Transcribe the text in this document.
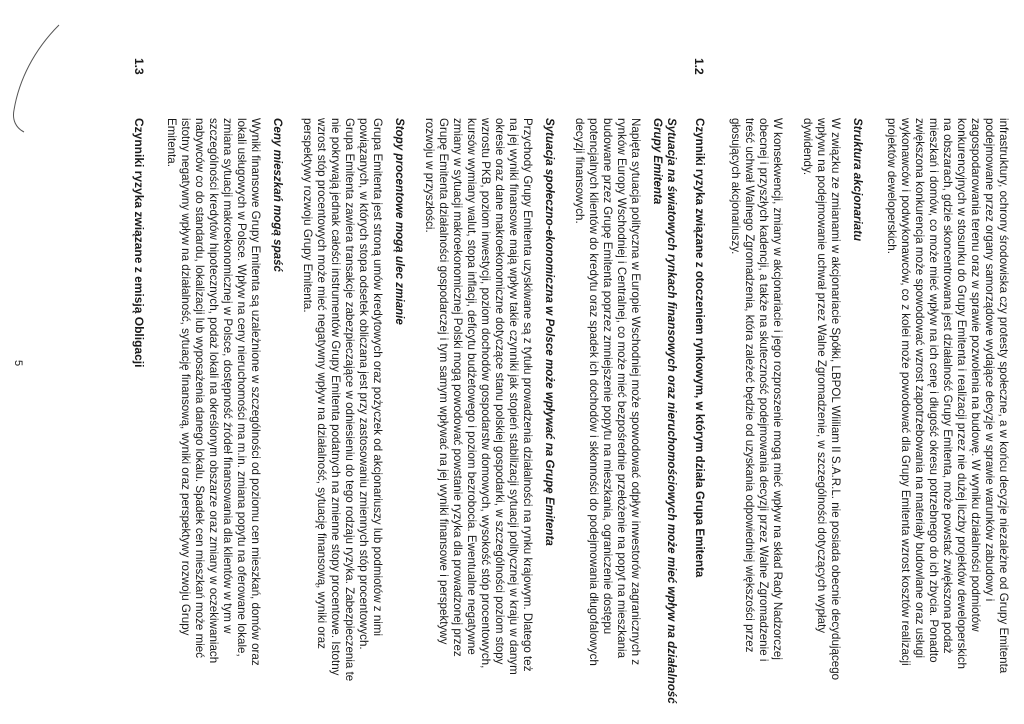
infrastruktury, ochrony środowiska czy protesty społeczne, a w końcu decyzje niezależne od Grupy Emitenta
podejmowane przez organy samorządowe wydające decyzje w sprawie warunków zabudowy i
zagospodarowania terenu oraz w sprawie pozwolenia na budowę. W wyniku działalności podmiotów
konkurencyjnych w stosunku do Grupy Emitenta i realizacji przez nie dużej liczby projektów deweloperskich
na obszarach, gdzie skoncentrowana jest działalność Grupy Emitenta, może powstać zwiększona podaż
mieszkań i domów, co może mieć wpływ na ich cenę i długość okresu potrzebnego do ich zbycia. Ponadto
zwiększona konkurencja może spowodować wzrost zapotrzebowania na materiały budowlane oraz usługi
wykonawców i podwykonawców, co z kolei może powodować dla Grupy Emitenta wzrost kosztów realizacji
projektów deweloperskich.
Struktura akcjonariatu
W związku ze zmianami w akcjonariacie Spółki, LBPOL Wiiliam II S.A.R.L. nie posiada obecnie decydującego
wpływu na podejmowanie uchwał przez Walne Zgromadzenie, w szczególności dotyczących wypłaty
dywidendy.
W konsekwencji, zmiany w akcjonariacie i jego rozproszenie mogą mieć wpływ na skład Rady Nadzorczej
obecnej i przyszłych kadencji, a także na skuteczność podejmowania decyzji przez Walne Zgromadzenie i
treść uchwał Walnego Zgromadzenia, która zależeć będzie od uzyskania odpowiedniej większości przez
głosujących akcjonariuszy.
1.2
Czynniki ryzyka związane z otoczeniem rynkowym, w którym działa Grupa Emitenta
Sytuacja na światowych rynkach finansowych oraz nieruchomościowych może mieć wpływ na działalność
Grupy Emitenta
Napięta sytuacja polityczna w Europie Wschodniej może spowodować odpływ inwestorów zagranicznych z
rynków Europy Wschodniej i Centralnej, co może mieć bezpośrednie przełożenie na popyt na mieszkania
budowane przez Grupę Emitenta poprzez zmniejszenie popytu na mieszkania, ograniczenie dostępu
potencjalnych klientów do kredytu oraz spadek ich dochodów i skłonności do podejmowania długofalowych
decyzji finansowych.
Sytuacja społeczno-ekonomiczna w Polsce może wpływać na Grupę Emitenta
Przychody Grupy Emitenta uzyskiwane są z tytułu prowadzenia działalności na rynku krajowym. Dlatego też
na jej wyniki finansowe mają wpływ takie czynniki jak stopień stabilizacji sytuacji politycznej w kraju w danym
okresie oraz dane makroekonomiczne dotyczące stanu polskiej gospodarki, w szczególności poziom stopy
wzrostu PKB, poziom inwestycji, poziom dochodów gospodarstw domowych, wysokość stóp procentowych,
kursów wymiany walut, stopa inflacji, deficytu budżetowego i poziom bezrobocia. Ewentualne negatywne
zmiany w sytuacji makroekonomicznej Polski mogą powodować powstanie ryzyka dla prowadzonej przez
Grupę Emitenta działalności gospodarczej i tym samym wpływać na jej wyniki finansowe i perspektywy
rozwoju w przyszłości.
Stopy procentowe mogą ulec zmianie
Grupa Emitenta jest stroną umów kredytowych oraz pożyczek od akcjonariuszy lub podmiotów z nimi
powiązanych, w których stopa odsetek obliczana jest przy zastosowaniu zmiennych stóp procentowych.
Grupa Emitenta zawiera transakcje zabezpieczające w odniesieniu do tego rodzaju ryzyka. Zabezpieczenia te
nie pokrywają jednak całości instrumentów Grupy Emitenta podatnych na zmienne stopy procentowe. Istotny
wzrost stóp procentowych może mieć negatywny wpływ na działalność, sytuację finansową, wyniki oraz
perspektywy rozwoju Grupy Emitenta.
Ceny mieszkań mogą spaść
Wyniki finansowe Grupy Emitenta są uzależnione w szczególności od poziomu cen mieszkań, domów oraz
lokali usługowych w Polsce. Wpływ na ceny nieruchomości ma m.in. zmiana popytu na oferowane lokale,
zmiana sytuacji makroekonomicznej w Polsce, dostępność źródeł finansowania dla klientów w tym w
szczególności kredytów hipotecznych, podaż lokali na określonym obszarze oraz zmiany w oczekiwaniach
nabywców co do standardu, lokalizacji lub wyposażenia danego lokalu. Spadek cen mieszkań może mieć
istotny negatywny wpływ na działalność, sytuację finansową, wyniki oraz perspektywy rozwoju Grupy
Emitenta.
1.3
Czynniki ryzyka związane z emisją Obligacji
5
